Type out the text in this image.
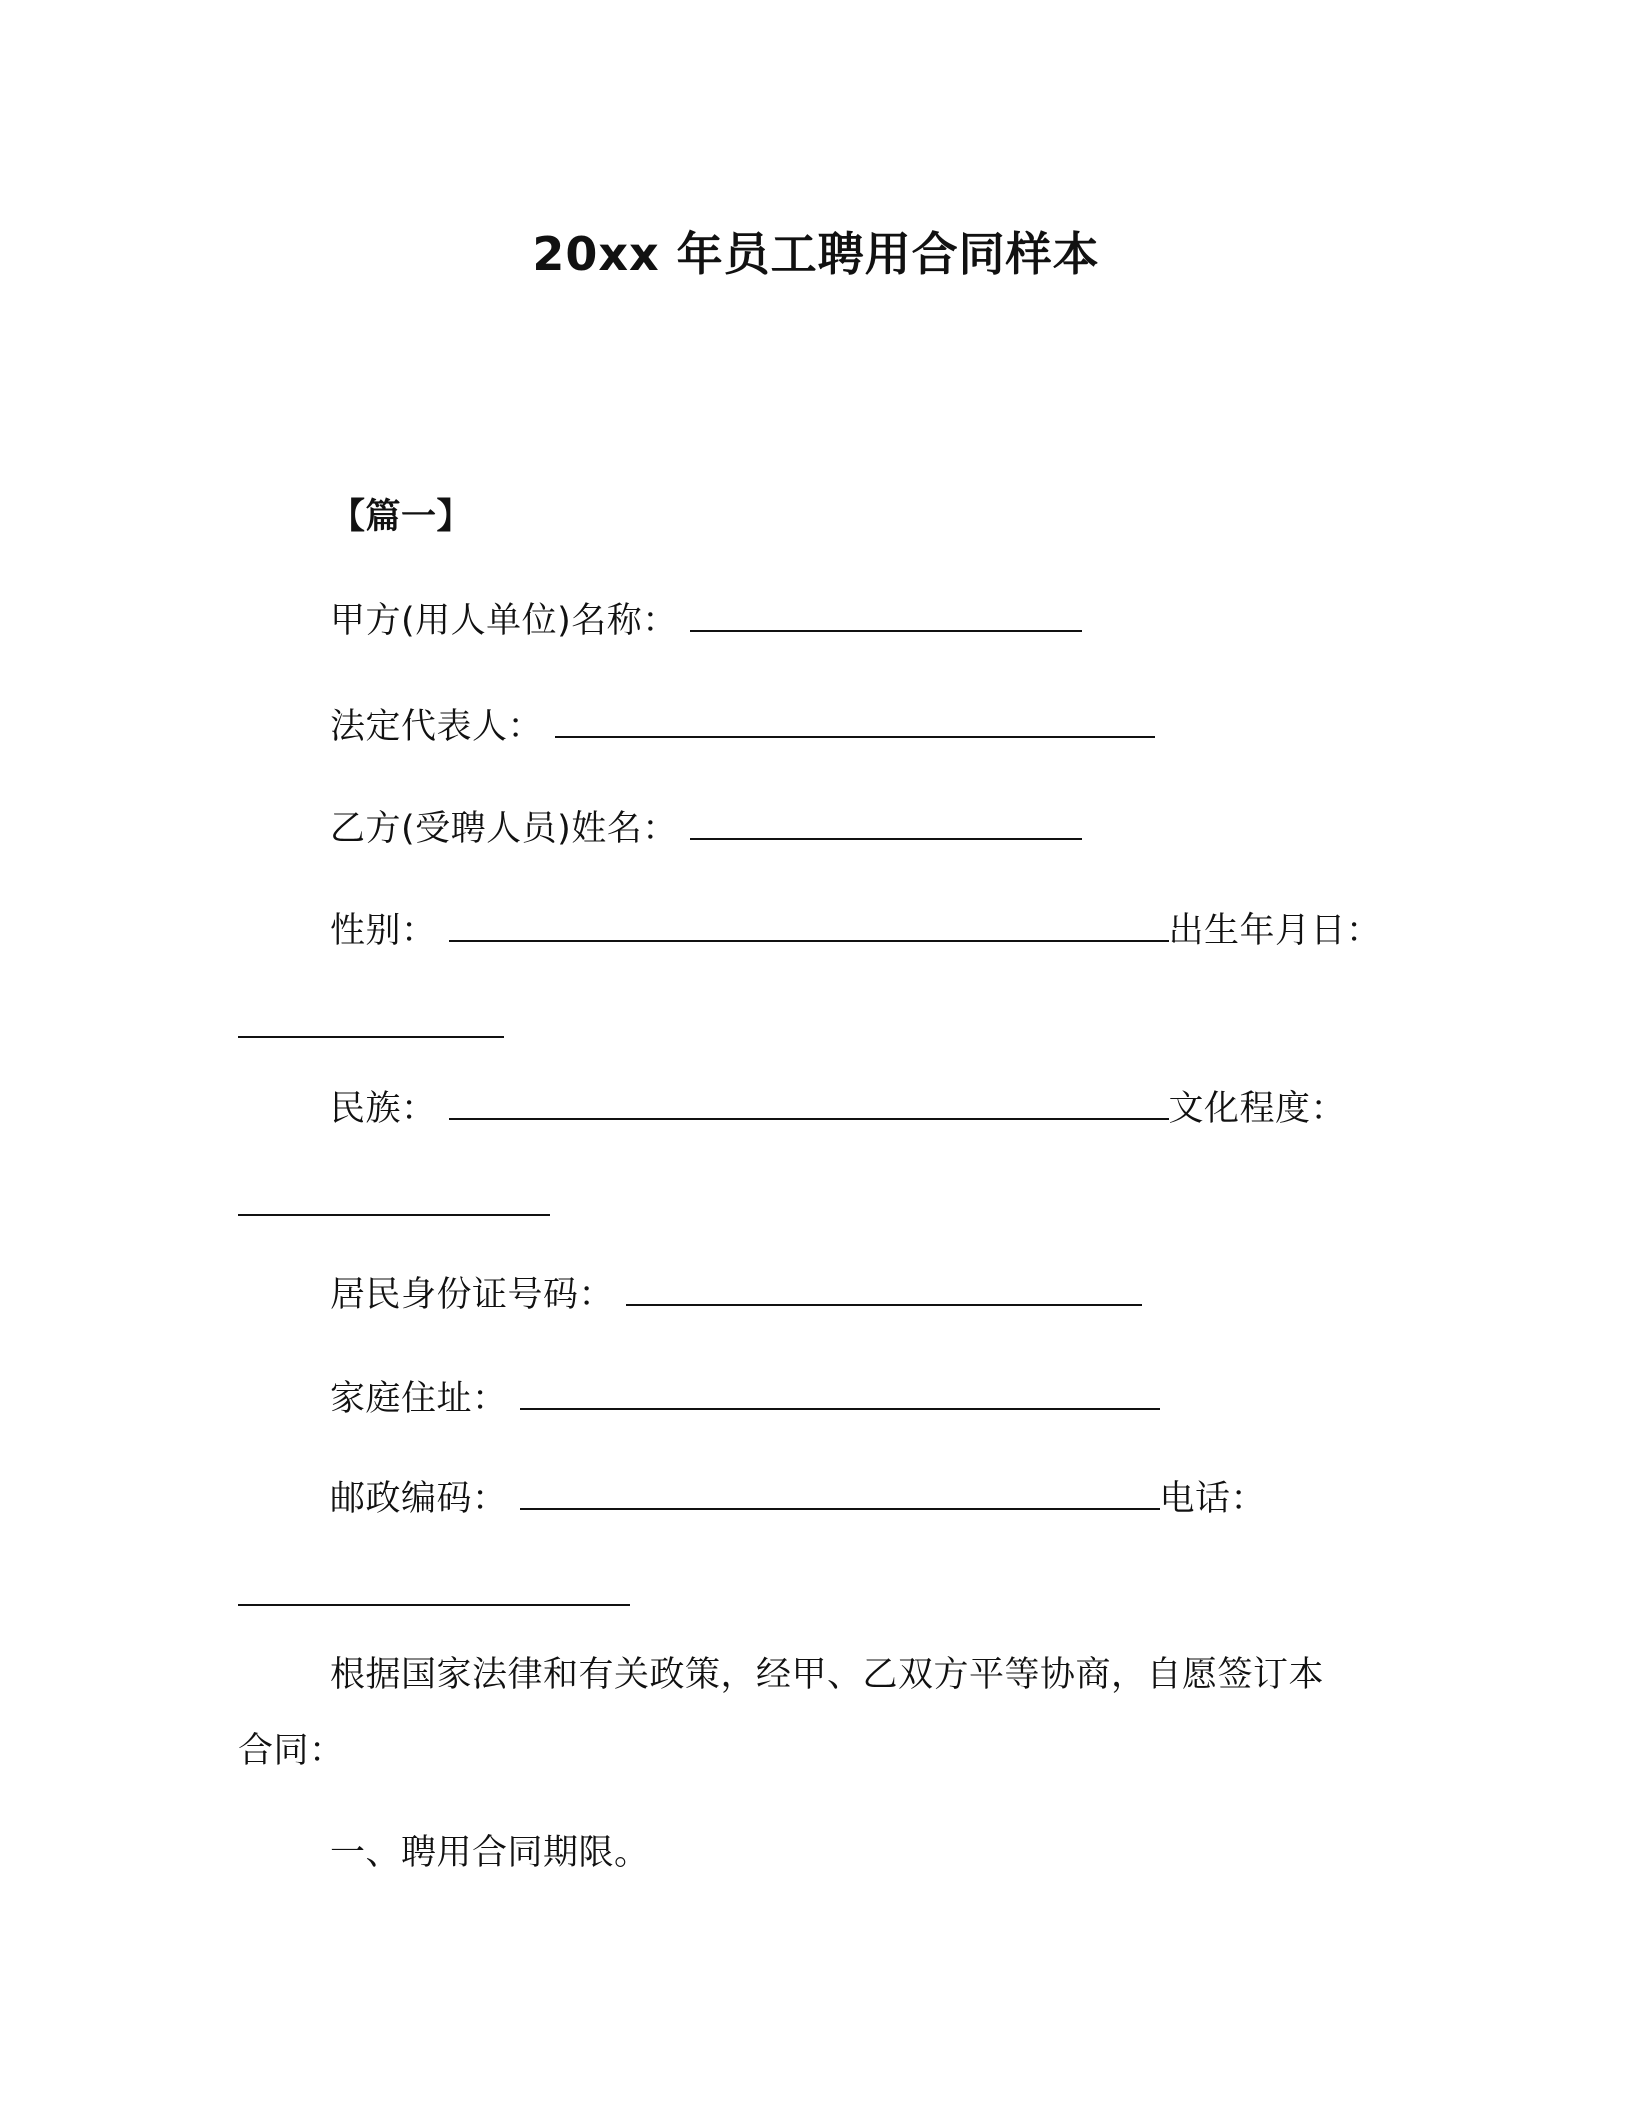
20xx 年员工聘用合同样本
【篇一】
甲方(用人单位)名称：
法定代表人：
乙方(受聘人员)姓名：
性别：	出生年月日：
民族：	文化程度：
居民身份证号码：
家庭住址：
邮政编码：	电话：
根据国家法律和有关政策，经甲、乙双方平等协商，自愿签订本
合同：
一、聘用合同期限。
